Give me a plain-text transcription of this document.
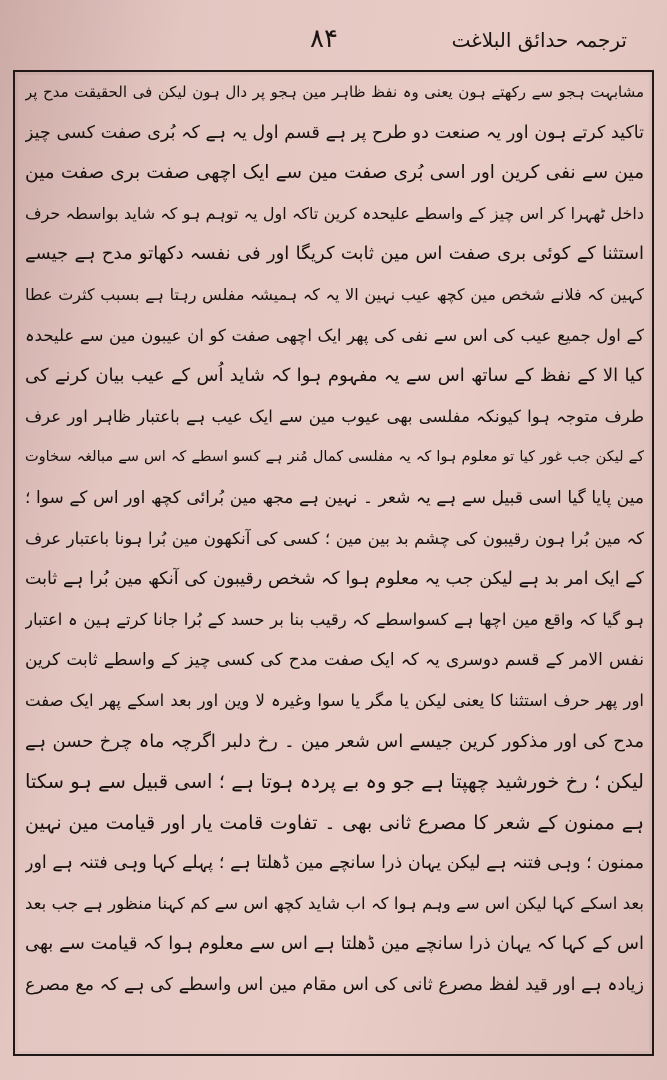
ترجمہ حدائق البلاغت
۸۴
مشابہت ہجو سے رکھتے ہون یعنی وہ نفظ ظاہر مین ہجو پر دال ہون لیکن فی الحقیقت مدح پر
تاکید کرتے ہون اور یہ صنعت دو طرح پر ہے قسم اول یہ ہے کہ بُری صفت کسی چیز
مین سے نفی کرین اور اسی بُری صفت مین سے ایک اچھی صفت بری صفت مین
داخل ٹھہرا کر اس چیز کے واسطے علیحدہ کرین تاکہ اول یہ توہم ہو کہ شاید بواسطہ حرف
استثنا کے کوئی بری صفت اس مین ثابت کریگا اور فی نفسہ دکھاتو مدح ہے جیسے
کہین کہ فلانے شخص مین کچھ عیب نہین الا یہ کہ ہمیشہ مفلس رہتا ہے بسبب کثرت عطا
کے اول جمیع عیب کی اس سے نفی کی پھر ایک اچھی صفت کو ان عیبون مین سے علیحدہ
کیا الا کے نفظ کے ساتھ اس سے یہ مفہوم ہوا کہ شاید اُس کے عیب بیان کرنے کی
طرف متوجہ ہوا کیونکہ مفلسی بھی عیوب مین سے ایک عیب ہے باعتبار ظاہر اور عرف
کے لیکن جب غور کیا تو معلوم ہوا کہ یہ مفلسی کمال مُنر ہے کسو اسطے کہ اس سے مبالغہ سخاوت
مین پایا گیا اسی قبیل سے ہے یہ شعر ۔ نہین ہے مجھ مین بُرائی کچھ اور اس کے سوا ؛
کہ مین بُرا ہون رقیبون کی چشم بد بین مین ؛ کسی کی آنکھون مین بُرا ہونا باعتبار عرف
کے ایک امر بد ہے لیکن جب یہ معلوم ہوا کہ شخص رقیبون کی آنکھ مین بُرا ہے ثابت
ہو گیا کہ واقع مین اچھا ہے کسواسطے کہ رقیب بنا بر حسد کے بُرا جانا کرتے ہین ہ اعتبار
نفس الامر کے قسم دوسری یہ کہ ایک صفت مدح کی کسی چیز کے واسطے ثابت کرین
اور پھر حرف استثنا کا یعنی لیکن یا مگر یا سوا وغیرہ لا وین اور بعد اسکے پھر ایک صفت
مدح کی اور مذکور کرین جیسے اس شعر مین ۔ رخ دلبر اگرچہ ماہ چرخ حسن ہے
لیکن ؛ رخ خورشید چھپتا ہے جو وہ بے پردہ ہوتا ہے ؛ اسی قبیل سے ہو سکتا
ہے ممنون کے شعر کا مصرع ثانی بھی ۔ تفاوت قامت یار اور قیامت مین نہین
ممنون ؛ وہی فتنہ ہے لیکن یہان ذرا سانچے مین ڈھلتا ہے ؛ پہلے کہا وہی فتنہ ہے اور
بعد اسکے کہا لیکن اس سے وہم ہوا کہ اب شاید کچھ اس سے کم کہنا منظور ہے جب بعد
اس کے کہا کہ یہان ذرا سانچے مین ڈھلتا ہے اس سے معلوم ہوا کہ قیامت سے بھی
زیادہ ہے اور قید لفظ مصرع ثانی کی اس مقام مین اس واسطے کی ہے کہ مع مصرع
